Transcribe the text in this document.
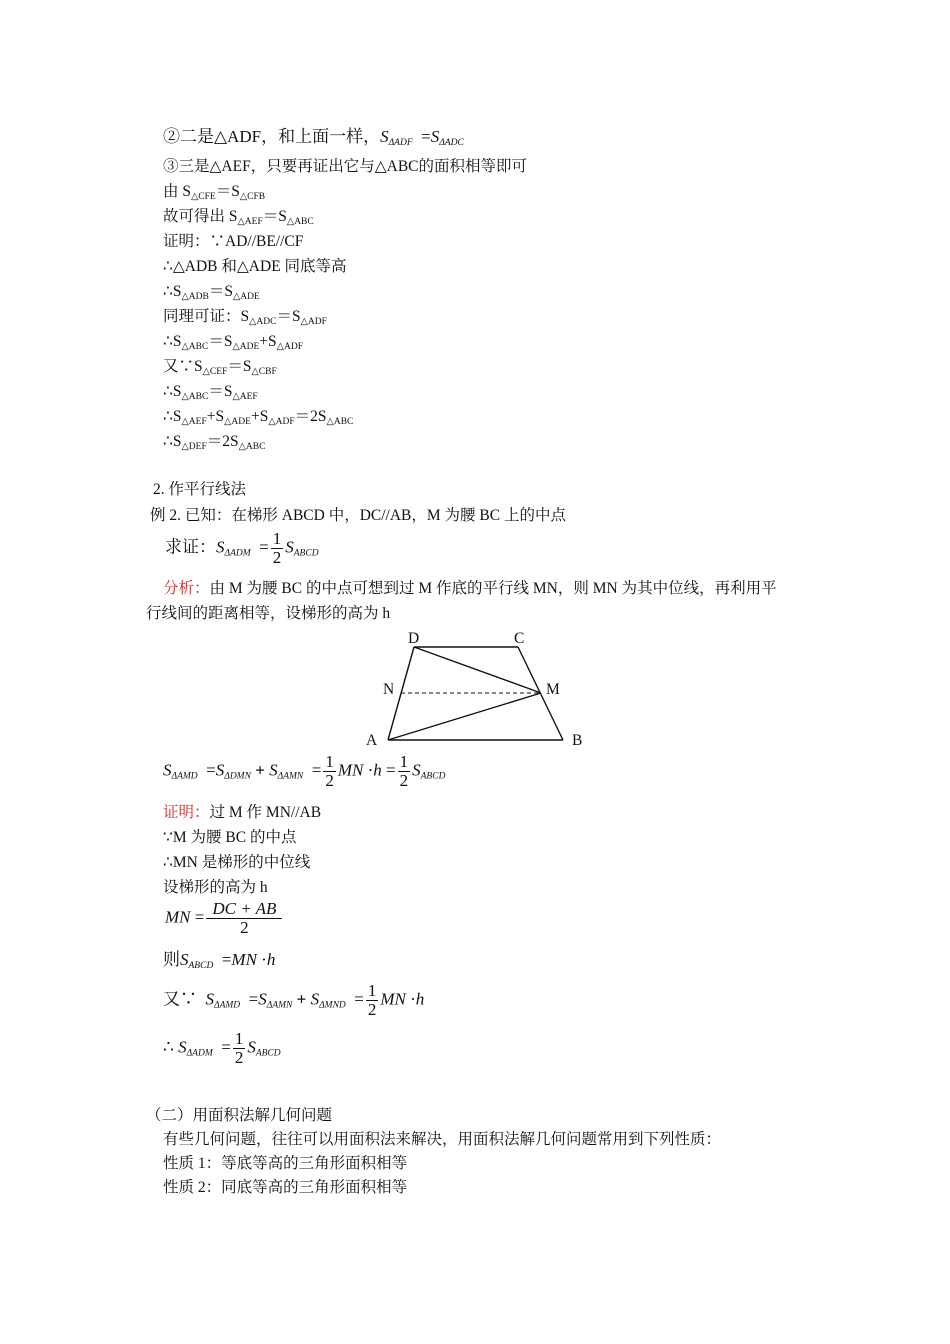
②二是△ADF，和上面一样，$S_{\Delta ADF} =S_{\Delta ADC}$
③三是△AEF，只要再证出它与△ABC的面积相等即可
由 $S_{\triangle CFE}=S_{\triangle CFB}$
故可得出 $S_{\triangle AEF}=S_{\triangle ABC}$
证明：∵AD//BE//CF
∴△ADB 和△ADE 同底等高
$\therefore S_{\triangle ADB}=S_{\triangle ADE}$
同理可证：$S_{\triangle ADC}=S_{\triangle ADF}$
$\therefore S_{\triangle ABC}=S_{\triangle ADE}+S_{\triangle ADF}$
又$\because S_{\triangle CEF}=S_{\triangle CBF}$
$\therefore S_{\triangle ABC}=S_{\triangle AEF}$
$\therefore S_{\triangle AEF}+S_{\triangle ADE}+S_{\triangle ADF}=2S_{\triangle ABC}$
$\therefore S_{\triangle DEF}=2S_{\triangle ABC}$
2. 作平行线法
例 2. 已知：在梯形 ABCD 中，DC//AB，M 为腰 BC 上的中点
求证：$S_{\Delta ADM} = \frac{1}{2} S_{ABCD}$
分析：由 M 为腰 BC 的中点可想到过 M 作底的平行线 MN，则 MN 为其中位线，再利用平
行线间的距离相等，设梯形的高为 h
D	C
N	M
A	B
$S_{\Delta AMD} =S_{\Delta DMN} + S_{\Delta AMN} = \frac{1}{2}$ MN $\cdot h = \frac{1}{2} S_{ABCD}$
证明：过 M 作 MN//AB
∵M 为腰 BC 的中点
∴MN 是梯形的中位线
设梯形的高为 h
MN = $\frac{DC + AB}{2}$
则$S_{ABCD} =MN \cdot h$
又∵  $S_{\Delta AMD} =S_{\Delta AMN} + S_{\Delta MND} = \frac{1}{2}$ MN ·h
∴ $S_{\Delta ADM} = \frac{1}{2} S_{ABCD}$
（二）用面积法解几何问题
有些几何问题，往往可以用面积法来解决，用面积法解几何问题常用到下列性质：
性质 1：等底等高的三角形面积相等
性质 2：同底等高的三角形面积相等
